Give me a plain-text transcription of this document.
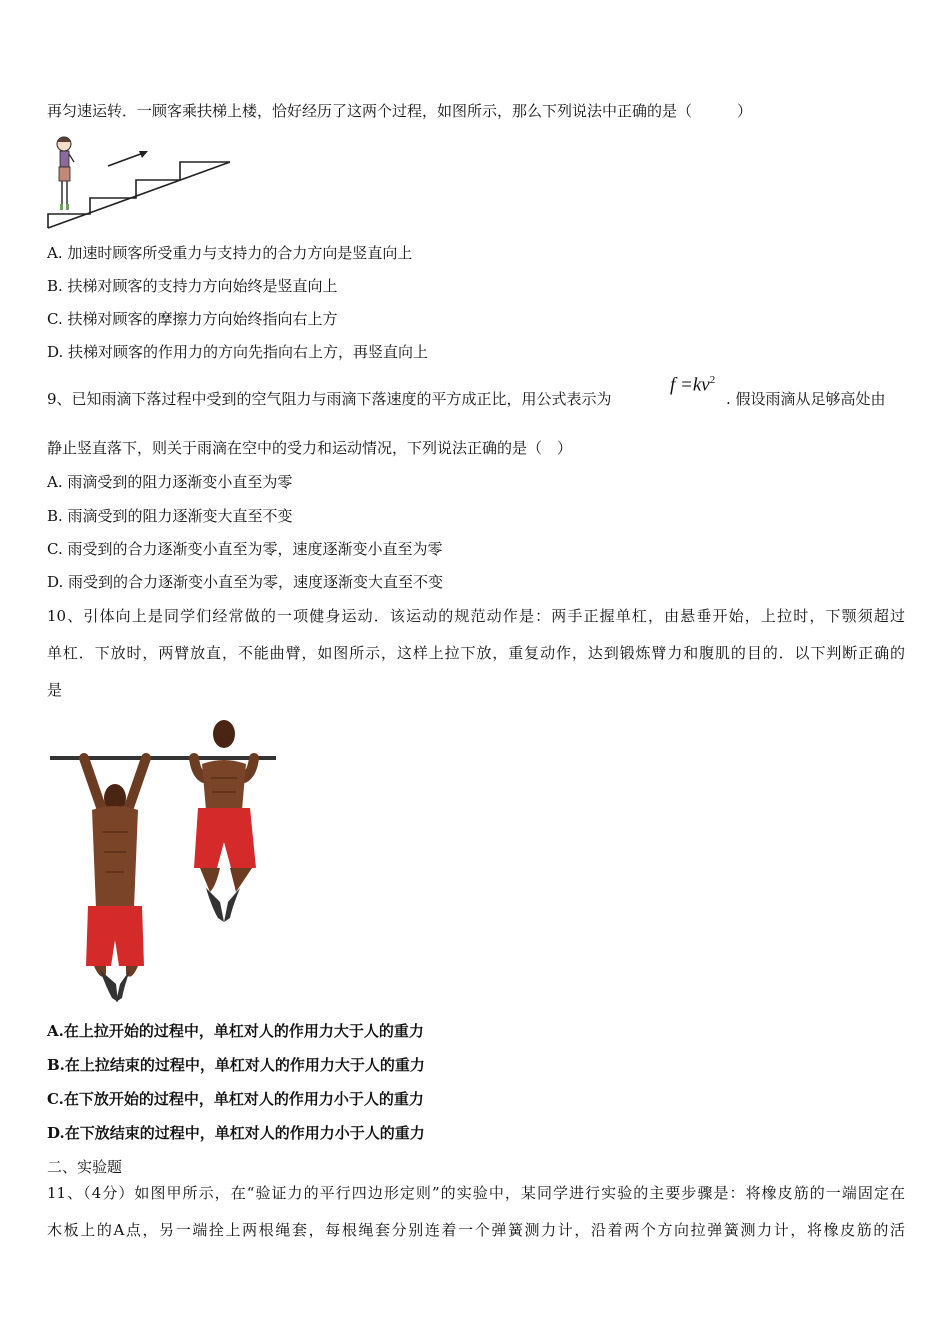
再匀速运转．一顾客乘扶梯上楼，恰好经历了这两个过程，如图所示，那么下列说法中正确的是（　　　）
A. 加速时顾客所受重力与支持力的合力方向是竖直向上
B. 扶梯对顾客的支持力方向始终是竖直向上
C. 扶梯对顾客的摩擦力方向始终指向右上方
D. 扶梯对顾客的作用力的方向先指向右上方，再竖直向上
9、已知雨滴下落过程中受到的空气阻力与雨滴下落速度的平方成正比，用公式表示为
$f =kv^2$
. 假设雨滴从足够高处由
静止竖直落下，则关于雨滴在空中的受力和运动情况，下列说法正确的是（　）
A. 雨滴受到的阻力逐渐变小直至为零
B. 雨滴受到的阻力逐渐变大直至不变
C. 雨受到的合力逐渐变小直至为零，速度逐渐变小直至为零
D. 雨受到的合力逐渐变小直至为零，速度逐渐变大直至不变
10、引体向上是同学们经常做的一项健身运动．该运动的规范动作是：两手正握单杠，由悬垂开始，上拉时，下颚须超过
单杠．下放时，两臂放直，不能曲臂，如图所示，这样上拉下放，重复动作，达到锻炼臂力和腹肌的目的．以下判断正确的
是
A.在上拉开始的过程中，单杠对人的作用力大于人的重力
B.在上拉结束的过程中，单杠对人的作用力大于人的重力
C.在下放开始的过程中，单杠对人的作用力小于人的重力
D.在下放结束的过程中，单杠对人的作用力小于人的重力
二、实验题
11、（4分）如图甲所示，在“验证力的平行四边形定则”的实验中，某同学进行实验的主要步骤是：将橡皮筋的一端固定在
木板上的A点，另一端拴上两根绳套，每根绳套分别连着一个弹簧测力计，沿着两个方向拉弹簧测力计，将橡皮筋的活
